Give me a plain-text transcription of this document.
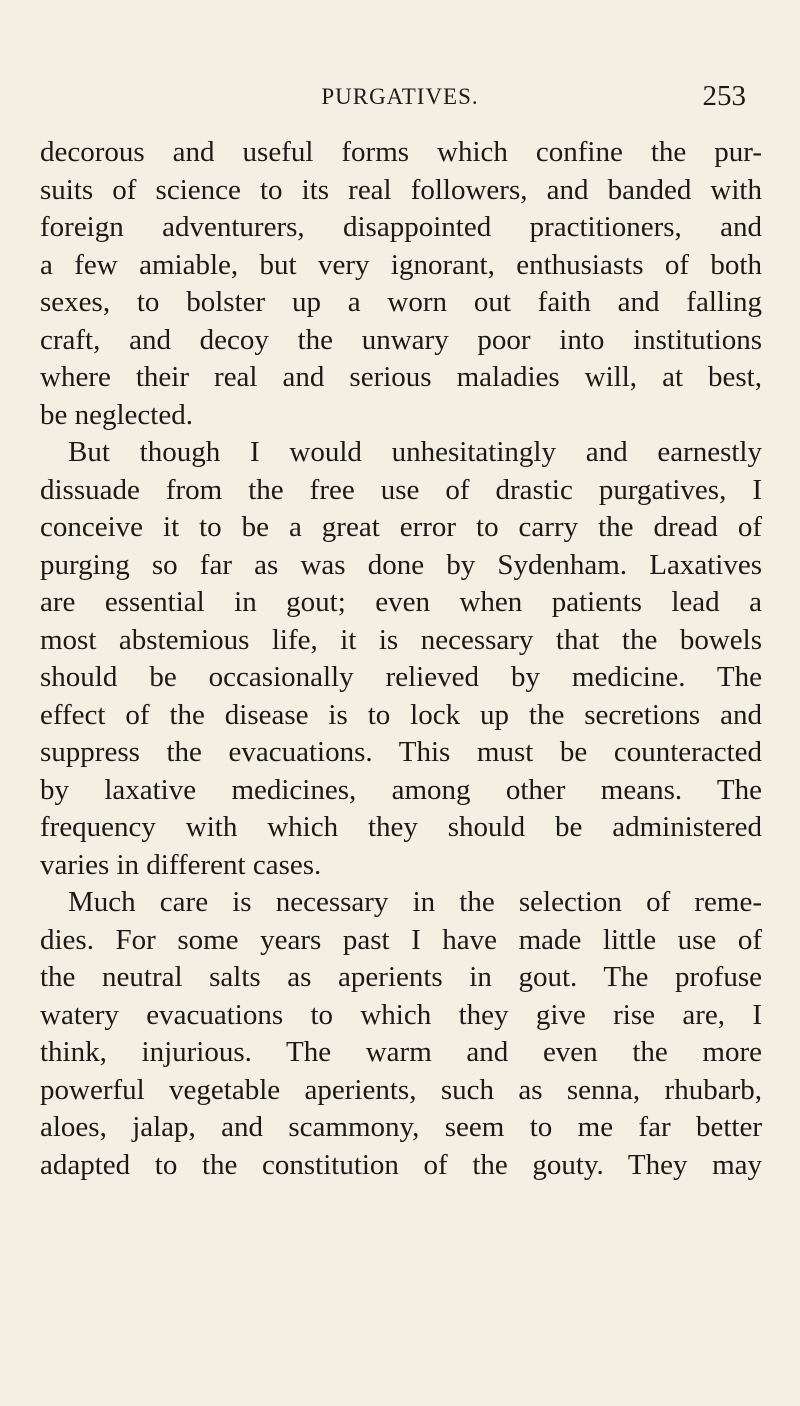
PURGATIVES.	253
decorous and useful forms which confine the pur-
suits of science to its real followers, and banded with
foreign adventurers, disappointed practitioners, and
a few amiable, but very ignorant, enthusiasts of both
sexes, to bolster up a worn out faith and falling
craft, and decoy the unwary poor into institutions
where their real and serious maladies will, at best,
be neglected.
But though I would unhesitatingly and earnestly
dissuade from the free use of drastic purgatives, I
conceive it to be a great error to carry the dread of
purging so far as was done by Sydenham. Laxatives
are essential in gout; even when patients lead a
most abstemious life, it is necessary that the bowels
should be occasionally relieved by medicine. The
effect of the disease is to lock up the secretions and
suppress the evacuations. This must be counteracted
by laxative medicines, among other means. The
frequency with which they should be administered
varies in different cases.
Much care is necessary in the selection of reme-
dies. For some years past I have made little use of
the neutral salts as aperients in gout. The profuse
watery evacuations to which they give rise are, I
think, injurious. The warm and even the more
powerful vegetable aperients, such as senna, rhubarb,
aloes, jalap, and scammony, seem to me far better
adapted to the constitution of the gouty. They may
